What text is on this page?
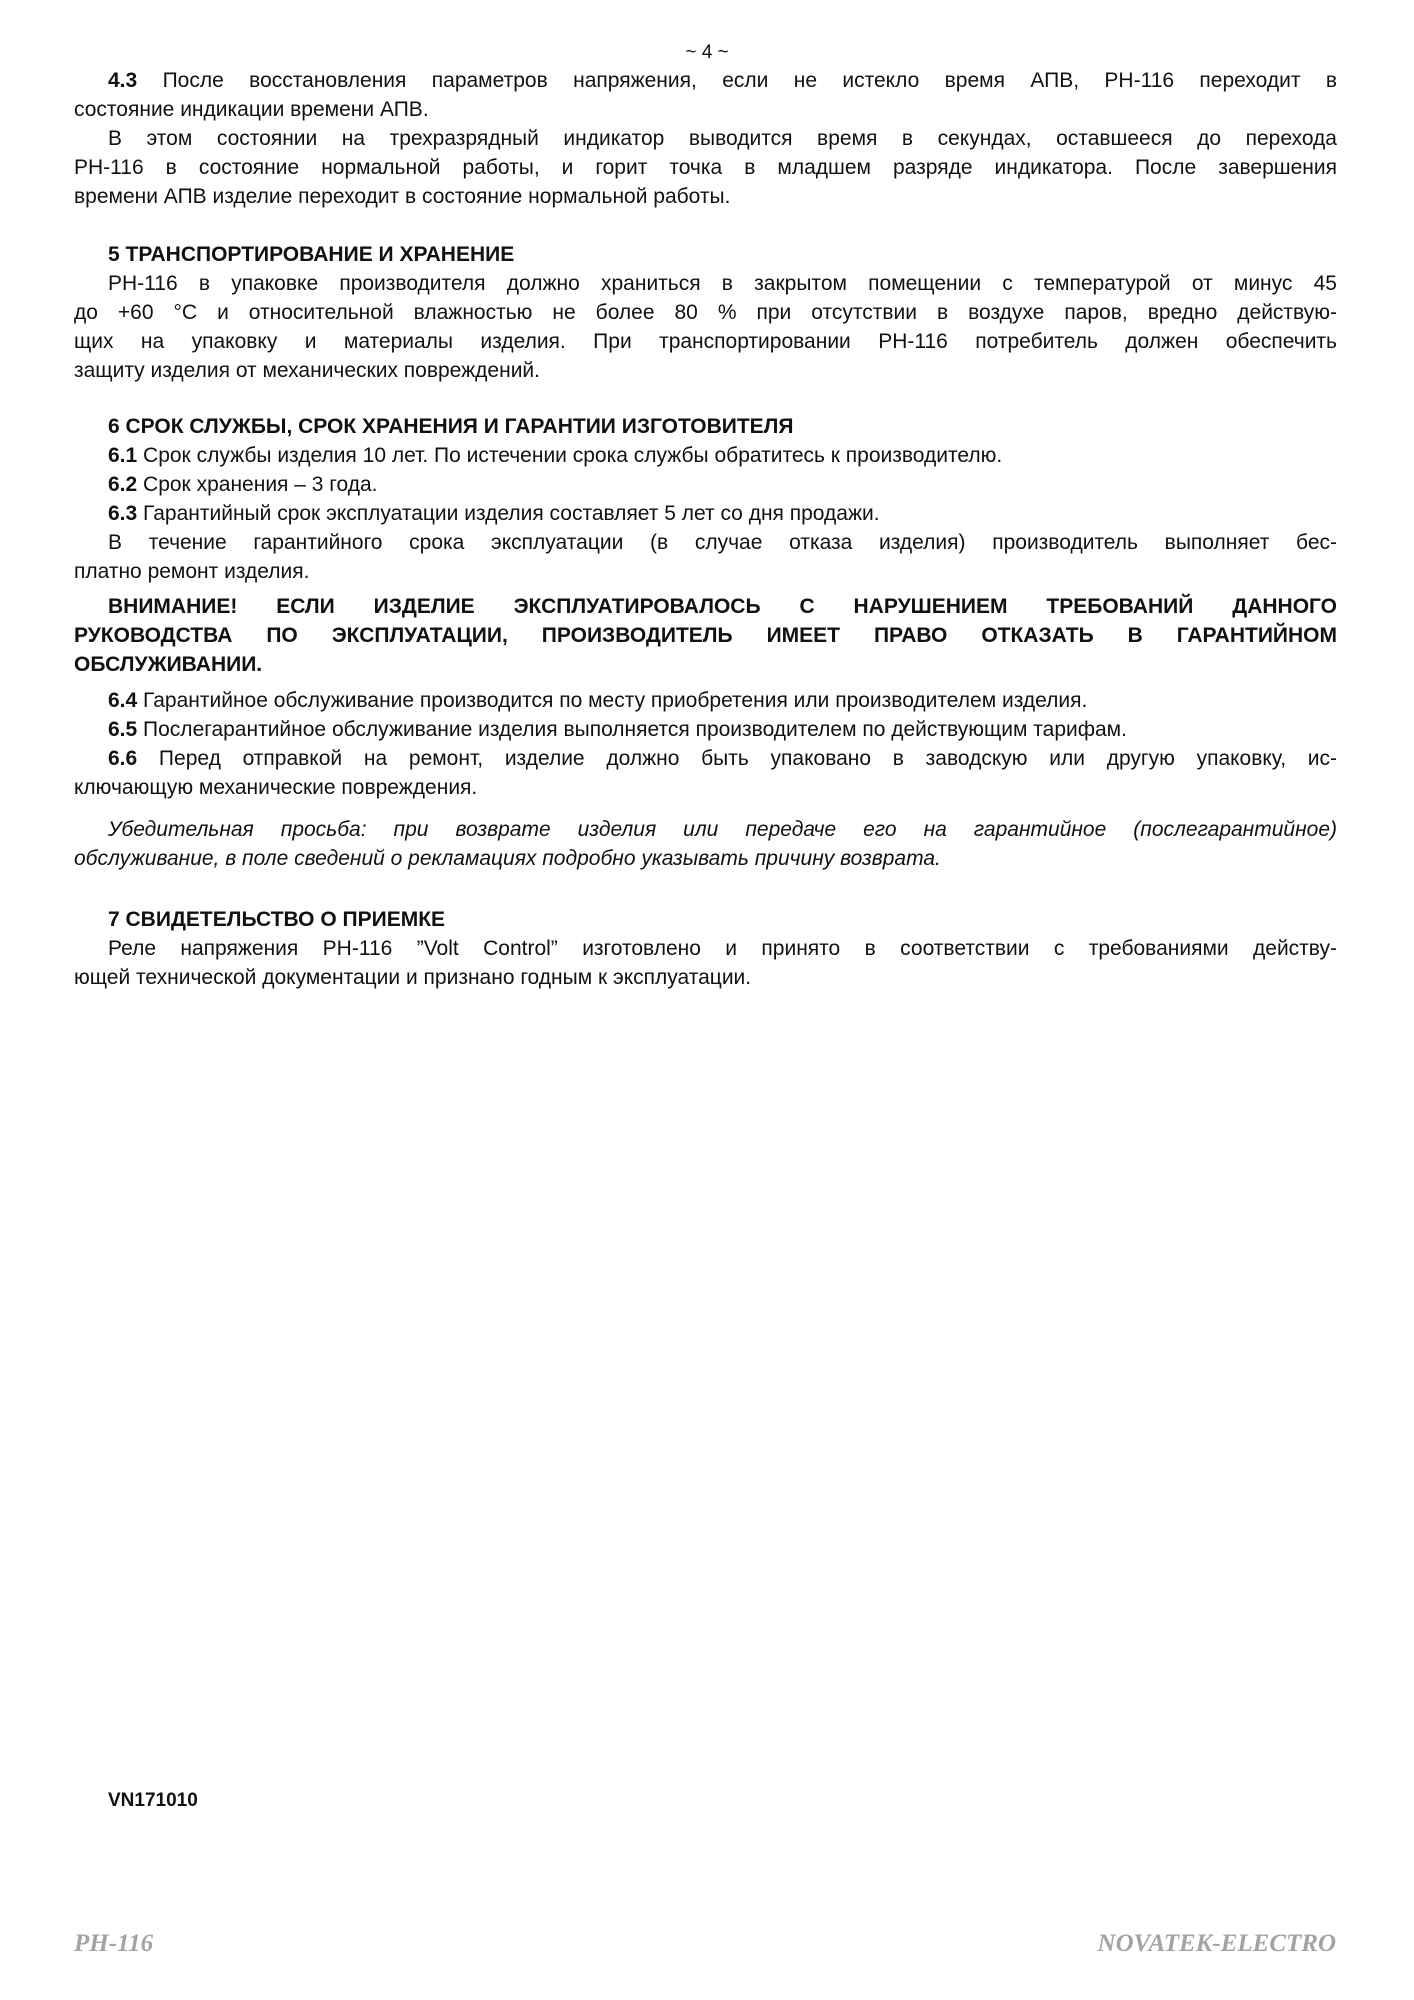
~ 4 ~
4.3 После восстановления параметров напряжения, если не истекло время АПВ, РН-116 переходит в
состояние индикации времени АПВ.
В этом состоянии на трехразрядный индикатор выводится время в секундах, оставшееся до перехода
РН-116 в состояние нормальной работы, и горит точка в младшем разряде индикатора. После завершения
времени АПВ изделие переходит в состояние нормальной работы.
5 ТРАНСПОРТИРОВАНИЕ И ХРАНЕНИЕ
РН-116 в упаковке производителя должно храниться в закрытом помещении с температурой от минус 45
до +60 °С и относительной влажностью не более 80 % при отсутствии в воздухе паров, вредно действую-
щих на упаковку и материалы изделия. При транспортировании РН-116 потребитель должен обеспечить
защиту изделия от механических повреждений.
6 СРОК СЛУЖБЫ, СРОК ХРАНЕНИЯ И ГАРАНТИИ ИЗГОТОВИТЕЛЯ
6.1 Срок службы изделия 10 лет. По истечении срока службы обратитесь к производителю.
6.2 Срок хранения – 3 года.
6.3 Гарантийный срок эксплуатации изделия составляет 5 лет со дня продажи.
В течение гарантийного срока эксплуатации (в случае отказа изделия) производитель выполняет бес-
платно ремонт изделия.
ВНИМАНИЕ! ЕСЛИ ИЗДЕЛИЕ ЭКСПЛУАТИРОВАЛОСЬ С НАРУШЕНИЕМ ТРЕБОВАНИЙ ДАННОГО
РУКОВОДСТВА ПО ЭКСПЛУАТАЦИИ, ПРОИЗВОДИТЕЛЬ ИМЕЕТ ПРАВО ОТКАЗАТЬ В ГАРАНТИЙНОМ
ОБСЛУЖИВАНИИ.
6.4 Гарантийное обслуживание производится по месту приобретения или производителем изделия.
6.5 Послегарантийное обслуживание изделия выполняется производителем по действующим тарифам.
6.6 Перед отправкой на ремонт, изделие должно быть упаковано в заводскую или другую упаковку, ис-
ключающую механические повреждения.
Убедительная просьба: при возврате изделия или передаче его на гарантийное (послегарантийное)
обслуживание, в поле сведений о рекламациях подробно указывать причину возврата.
7 СВИДЕТЕЛЬСТВО О ПРИЕМКЕ
Реле напряжения РН-116 ”Volt Control” изготовлено и принято в соответствии с требованиями действу-
ющей технической документации и признано годным к эксплуатации.
VN171010
PH-116	NOVATEK-ELECTRO
